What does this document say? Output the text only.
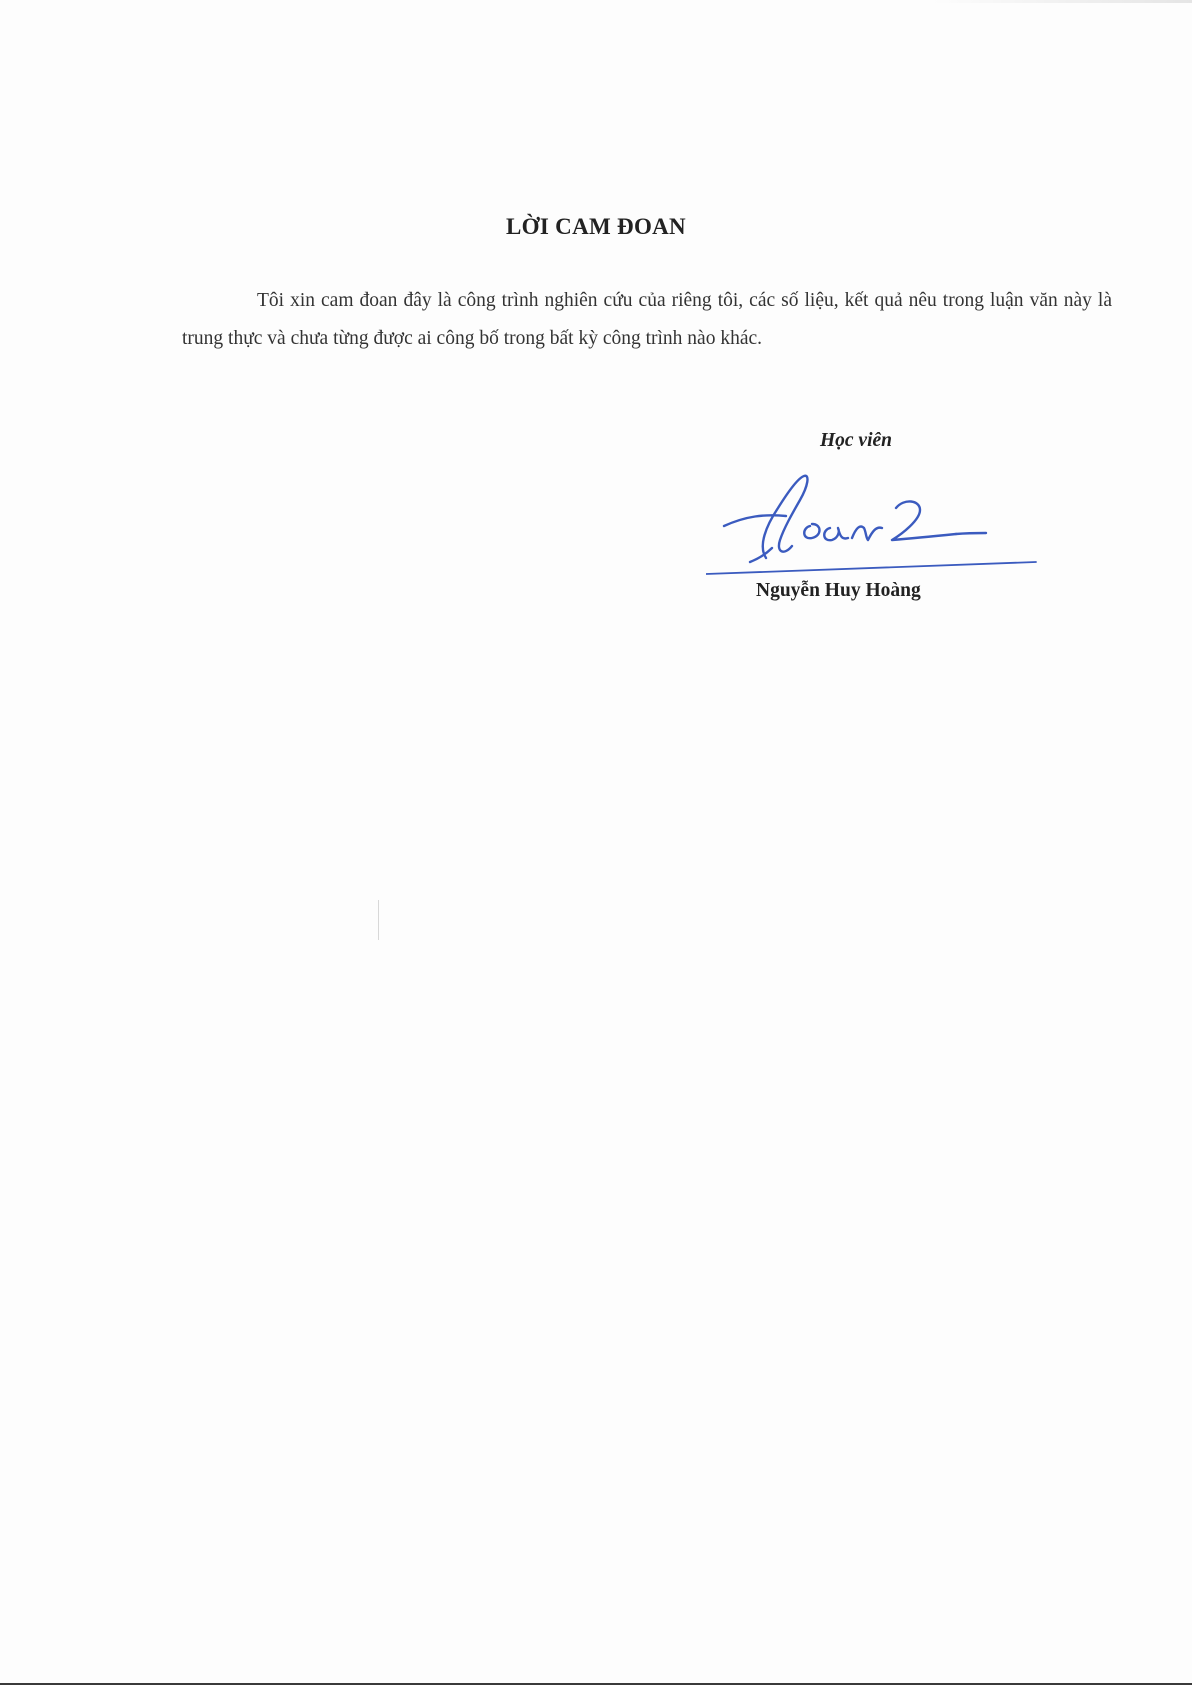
LỜI CAM ĐOAN
Tôi xin cam đoan đây là công trình nghiên cứu của riêng tôi, các số liệu, kết quả nêu trong luận văn này là trung thực và chưa từng được ai công bố trong bất kỳ công trình nào khác.
Học viên
Nguyễn Huy Hoàng
